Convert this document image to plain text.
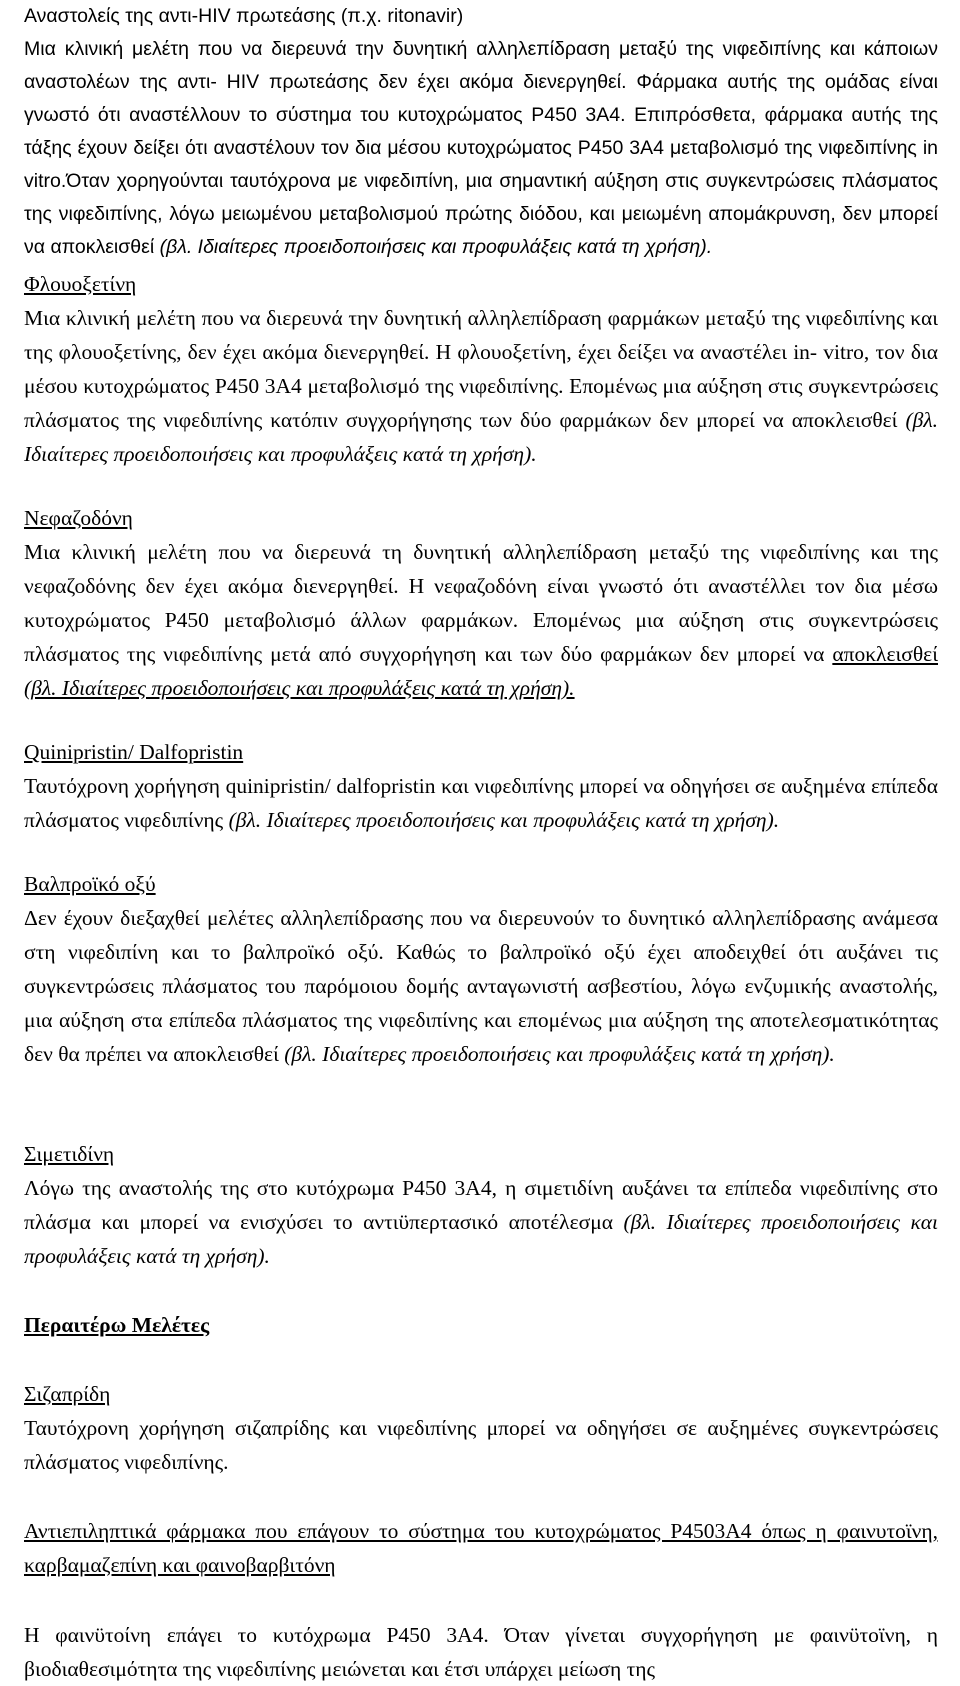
Αναστολείς της αντι-HIV πρωτεάσης (π.χ. ritonavir)

Μια κλινική μελέτη που να διερευνά την δυνητική αλληλεπίδραση μεταξύ της νιφεδιπίνης και κάποιων αναστολέων της αντι- HIV πρωτεάσης δεν έχει ακόμα διενεργηθεί. Φάρμακα αυτής της ομάδας είναι γνωστό ότι αναστέλλουν το σύστημα του κυτοχρώματος P450 3A4. Επιπρόσθετα, φάρμακα αυτής της τάξης έχουν δείξει ότι αναστέλουν τον δια μέσου κυτοχρώματος P450 3A4 μεταβολισμό της νιφεδιπίνης in vitro.Όταν χορηγούνται ταυτόχρονα με νιφεδιπίνη, μια σημαντική αύξηση στις συγκεντρώσεις πλάσματος της νιφεδιπίνης, λόγω μειωμένου μεταβολισμού πρώτης διόδου, και μειωμένη απομάκρυνση, δεν μπορεί να αποκλεισθεί (βλ. Ιδιαίτερες προειδοποιήσεις και προφυλάξεις κατά τη χρήση).

Φλουοξετίνη

Μια κλινική μελέτη που να διερευνά την δυνητική αλληλεπίδραση φαρμάκων μεταξύ της νιφεδιπίνης και της φλουοξετίνης, δεν έχει ακόμα διενεργηθεί. Η φλουοξετίνη, έχει δείξει να αναστέλει in- vitro, τον δια μέσου κυτοχρώματος P450 3A4 μεταβολισμό της νιφεδιπίνης. Επομένως μια αύξηση στις συγκεντρώσεις πλάσματος της νιφεδιπίνης κατόπιν συγχορήγησης των δύο φαρμάκων δεν μπορεί να αποκλεισθεί (βλ. Ιδιαίτερες προειδοποιήσεις και προφυλάξεις κατά τη χρήση).

Νεφαζοδόνη

Μια κλινική μελέτη που να διερευνά τη δυνητική αλληλεπίδραση μεταξύ της νιφεδιπίνης και της νεφαζοδόνης δεν έχει ακόμα διενεργηθεί. Η νεφαζοδόνη είναι γνωστό ότι αναστέλλει τον δια μέσω κυτοχρώματος P450 μεταβολισμό άλλων φαρμάκων. Επομένως μια αύξηση στις συγκεντρώσεις πλάσματος της νιφεδιπίνης μετά από συγχορήγηση και των δύο φαρμάκων δεν μπορεί να αποκλεισθεί (βλ. Ιδιαίτερες προειδοποιήσεις και προφυλάξεις κατά τη χρήση).

Quinipristin/ Dalfopristin

Ταυτόχρονη χορήγηση quinipristin/ dalfopristin και νιφεδιπίνης μπορεί να οδηγήσει σε αυξημένα επίπεδα πλάσματος νιφεδιπίνης (βλ. Ιδιαίτερες προειδοποιήσεις και προφυλάξεις κατά τη χρήση).

Βαλπροϊκό οξύ

Δεν έχουν διεξαχθεί μελέτες αλληλεπίδρασης που να διερευνούν το δυνητικό αλληλεπίδρασης ανάμεσα στη νιφεδιπίνη και το βαλπροϊκό οξύ. Καθώς το βαλπροϊκό οξύ έχει αποδειχθεί ότι αυξάνει τις συγκεντρώσεις πλάσματος του παρόμοιου δομής ανταγωνιστή ασβεστίου, λόγω ενζυμικής αναστολής, μια αύξηση στα επίπεδα πλάσματος της νιφεδιπίνης και επομένως μια αύξηση της αποτελεσματικότητας δεν θα πρέπει να αποκλεισθεί (βλ. Ιδιαίτερες προειδοποιήσεις και προφυλάξεις κατά τη χρήση).

Σιμετιδίνη

Λόγω της αναστολής της στο κυτόχρωμα P450 3A4, η σιμετιδίνη αυξάνει τα επίπεδα νιφεδιπίνης στο πλάσμα και μπορεί να ενισχύσει το αντιϋπερτασικό αποτέλεσμα (βλ. Ιδιαίτερες προειδοποιήσεις και προφυλάξεις κατά τη χρήση).

Περαιτέρω Μελέτες

Σιζαπρίδη

Ταυτόχρονη χορήγηση σιζαπρίδης και νιφεδιπίνης μπορεί να οδηγήσει σε αυξημένες συγκεντρώσεις πλάσματος νιφεδιπίνης.

Αντιεπιληπτικά φάρμακα που επάγουν το σύστημα του κυτοχρώματος P4503A4 όπως η φαινυτοϊνη, καρβαμαζεπίνη και φαινοβαρβιτόνη

Η φαινϋτοίνη επάγει το κυτόχρωμα P450 3A4. Όταν γίνεται συγχορήγηση με φαινϋτοϊνη, η βιοδιαθεσιμότητα της νιφεδιπίνης μειώνεται και έτσι υπάρχει μείωση της
